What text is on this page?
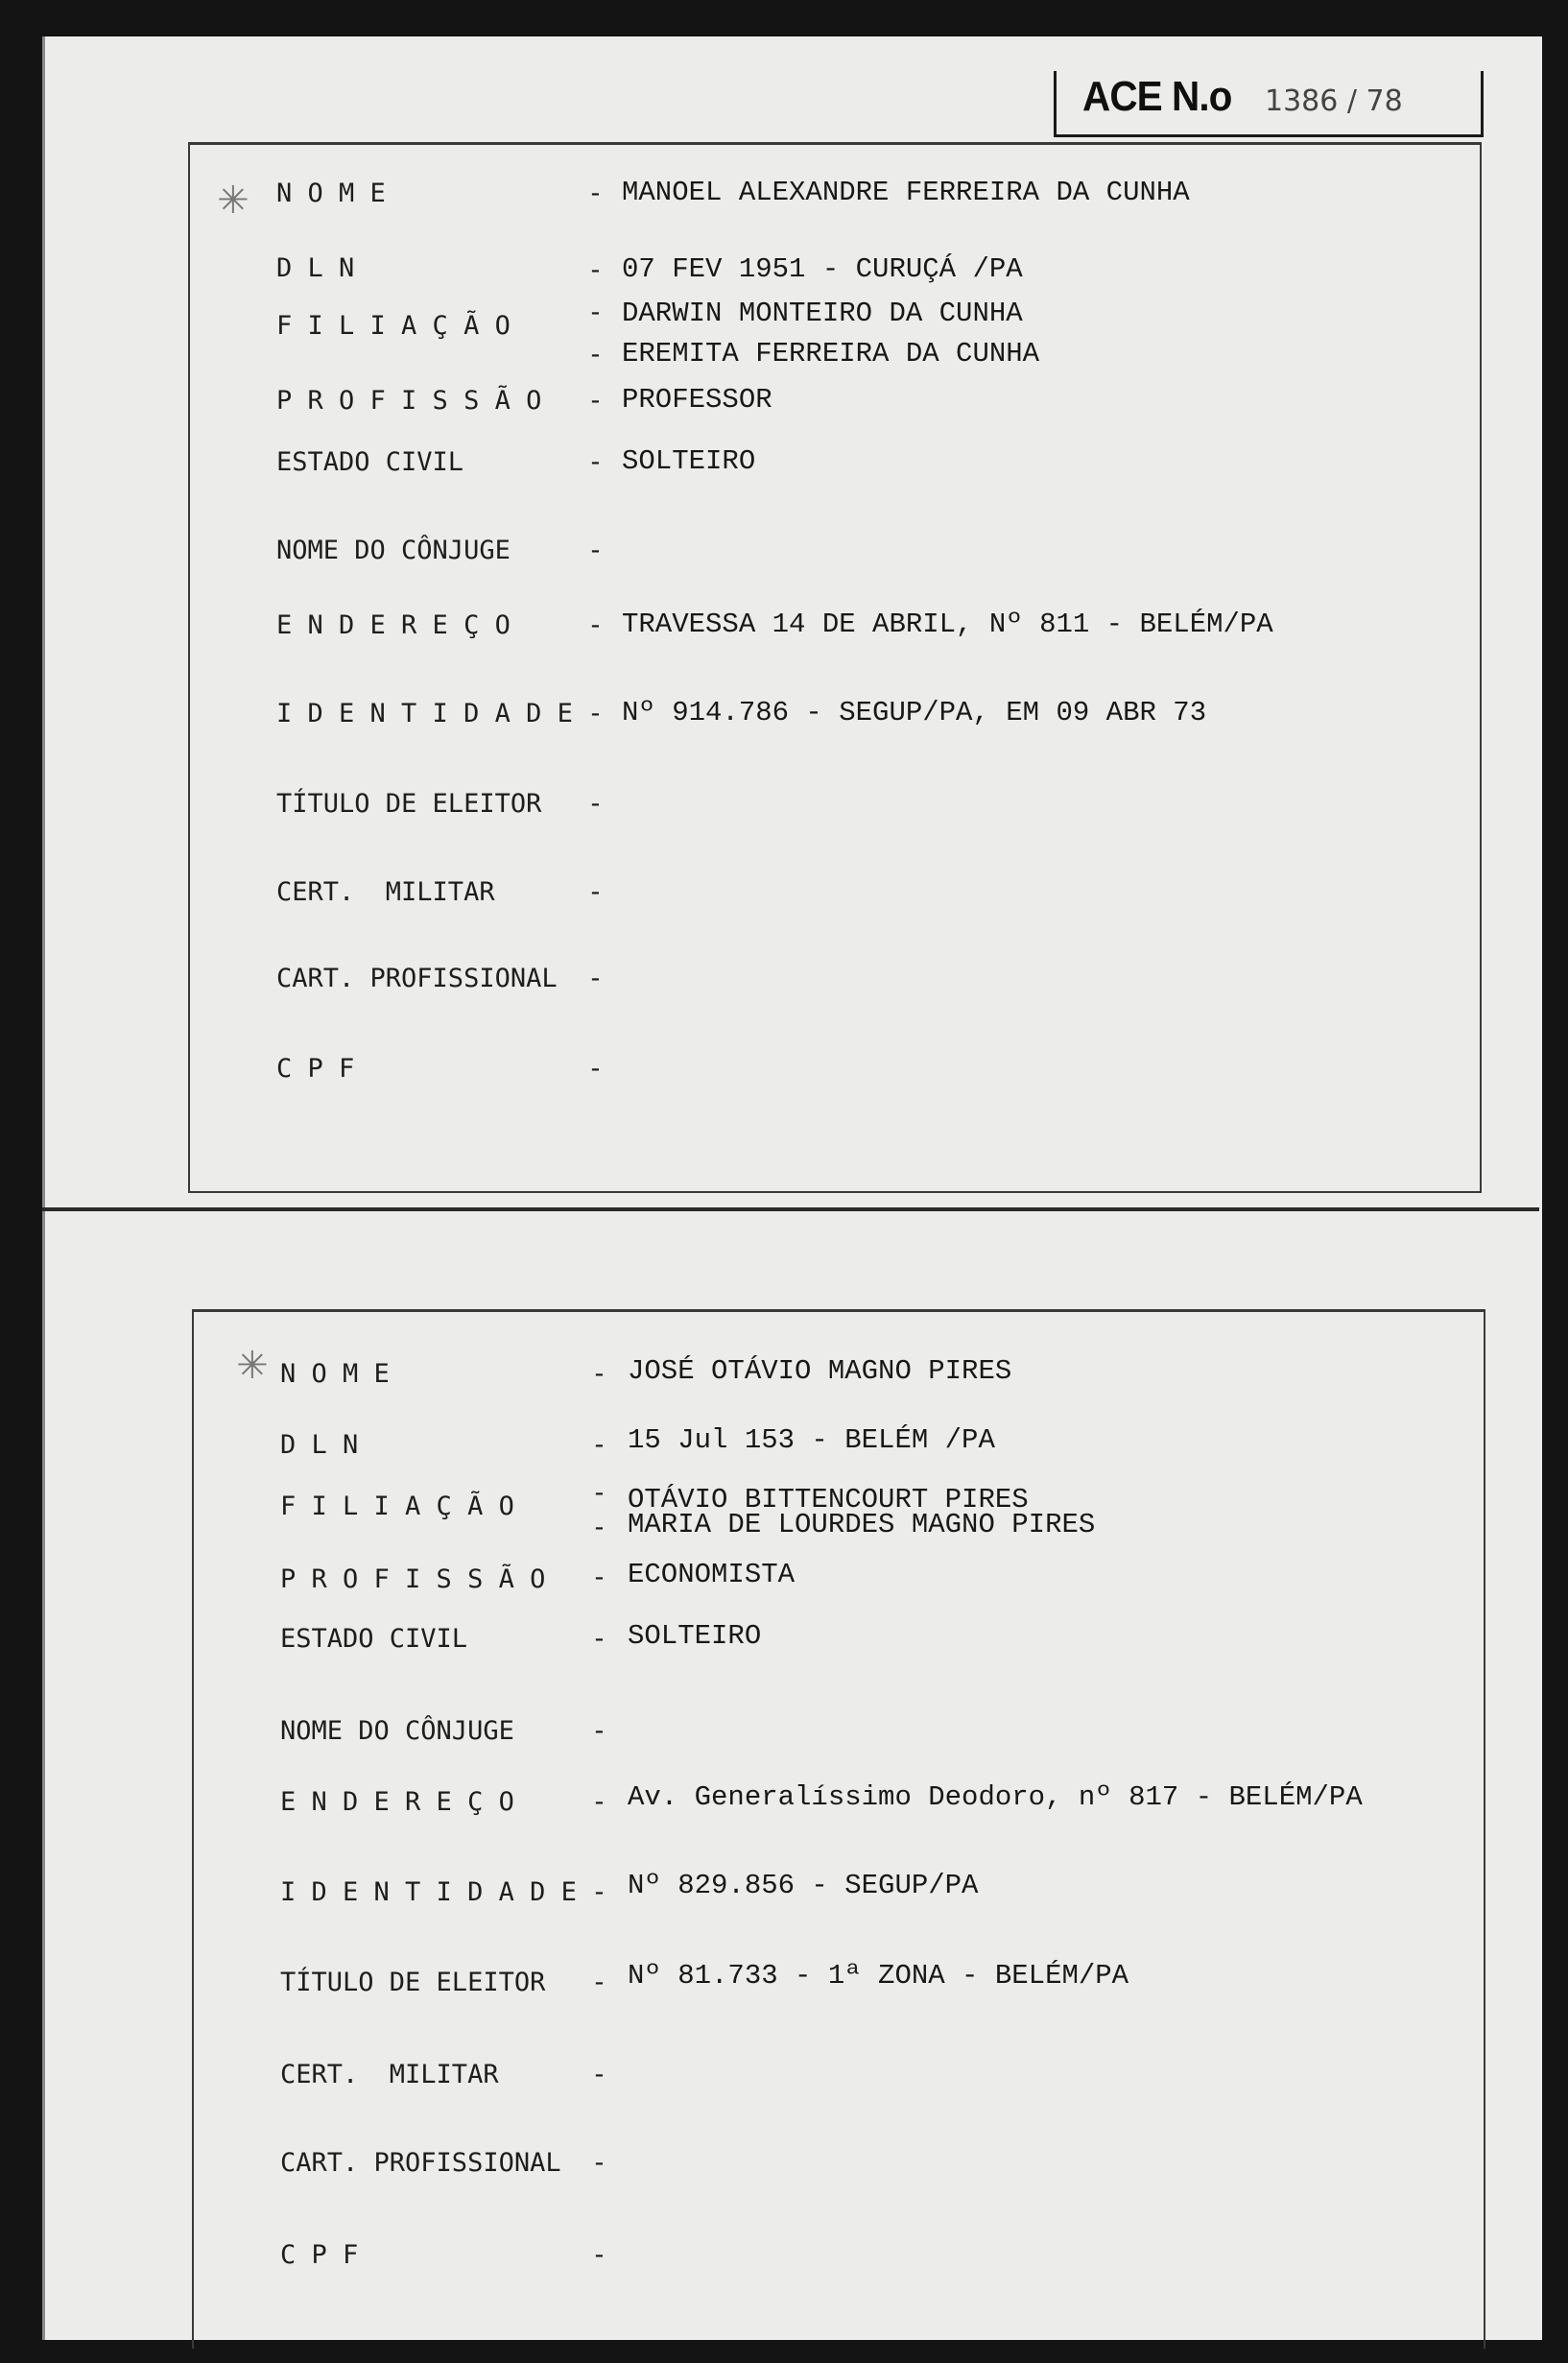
ACE N.o 1386 / 78
✳ N O M E	- MANOEL ALEXANDRE FERREIRA DA CUNHA
D L N	- 07 FEV 1951 - CURUÇÁ /PA
F I L I A Ç Ã O	- DARWIN MONTEIRO DA CUNHA
- EREMITA FERREIRA DA CUNHA
P R O F I S S Ã O - PROFESSOR
ESTADO CIVIL	- SOLTEIRO
NOME DO CÔNJUGE	-
E N D E R E Ç O	- TRAVESSA 14 DE ABRIL, Nº 811 - BELÉM/PA
I D E N T I D A D E - Nº 914.786 - SEGUP/PA, EM 09 ABR 73
TÍTULO DE ELEITOR -
CERT.  MILITAR	-
CART. PROFISSIONAL -
C P F	-
✳ N O M E	- JOSÉ OTÁVIO MAGNO PIRES
D L N	- 15 Jul 153 - BELÉM /PA
F I L I A Ç Ã O	- OTÁVIO BITTENCOURT PIRES
- MARIA DE LOURDES MAGNO PIRES
P R O F I S S Ã O - ECONOMISTA
ESTADO CIVIL	- SOLTEIRO
NOME DO CÔNJUGE	-
E N D E R E Ç O	- Av. Generalíssimo Deodoro, nº 817 - BELÉM/PA
I D E N T I D A D E - Nº 829.856 - SEGUP/PA
TÍTULO DE ELEITOR - Nº 81.733 - 1ª ZONA - BELÉM/PA
CERT.  MILITAR	-
CART. PROFISSIONAL -
C P F	-
